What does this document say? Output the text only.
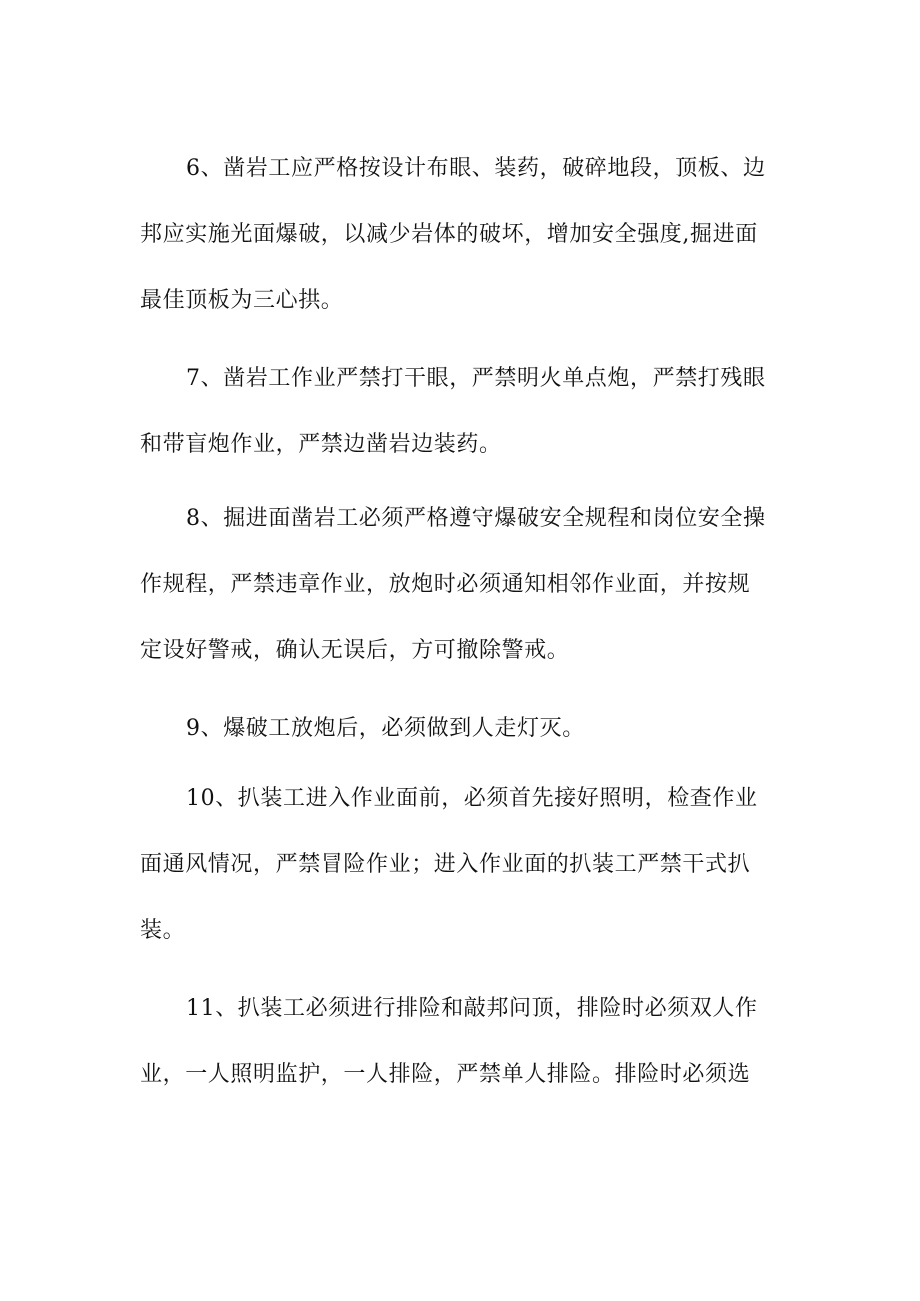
6、凿岩工应严格按设计布眼、装药，破碎地段，顶板、边
邦应实施光面爆破，以减少岩体的破坏，增加安全强度,掘进面
最佳顶板为三心拱。
7、凿岩工作业严禁打干眼，严禁明火单点炮，严禁打残眼
和带盲炮作业，严禁边凿岩边装药。
8、掘进面凿岩工必须严格遵守爆破安全规程和岗位安全操
作规程，严禁违章作业，放炮时必须通知相邻作业面，并按规
定设好警戒，确认无误后，方可撤除警戒。
9、爆破工放炮后，必须做到人走灯灭。
10、扒装工进入作业面前，必须首先接好照明，检查作业
面通风情况，严禁冒险作业；进入作业面的扒装工严禁干式扒
装。
11、扒装工必须进行排险和敲邦问顶，排险时必须双人作
业，一人照明监护，一人排险，严禁单人排险。排险时必须选
